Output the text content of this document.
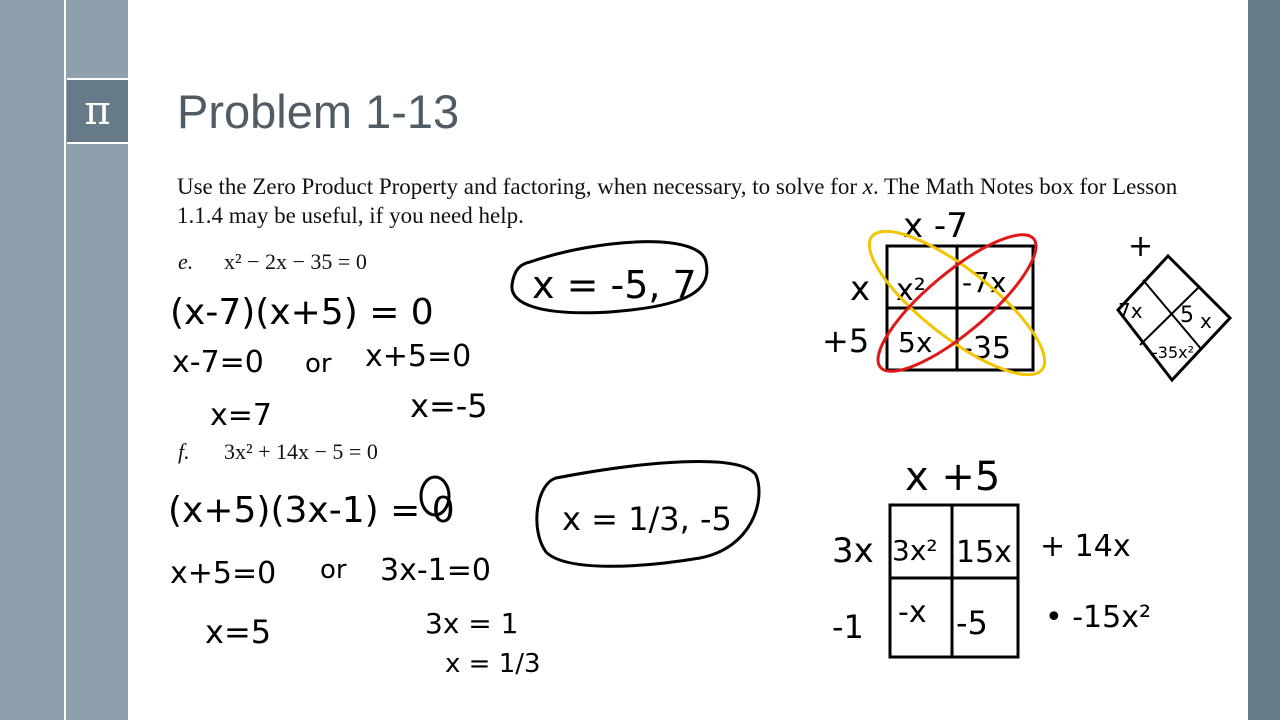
π	Problem 1-13

Use the Zero Product Property and factoring, when necessary, to solve for x. The Math Notes box for Lesson 1.1.4 may be useful, if you need help.

e. x² − 2x − 35 = 0
f. 3x² + 14x − 5 = 0
(x-7)(x+5) = 0
x-7=0 or x+5=0
x=7	x=-5
x = -5, 7
x -7
x
+5
x² -7x
5x -35
+
7x 5
-35x²
x
(x+5)(3x-1) = 0
x+5=0 or 3x-1=0
x=5	3x = 1
x = 1/3
x = 1/3, -5
x +5
3x
-1
3x² 15x
-x -5
+ 14x
• -15x²
